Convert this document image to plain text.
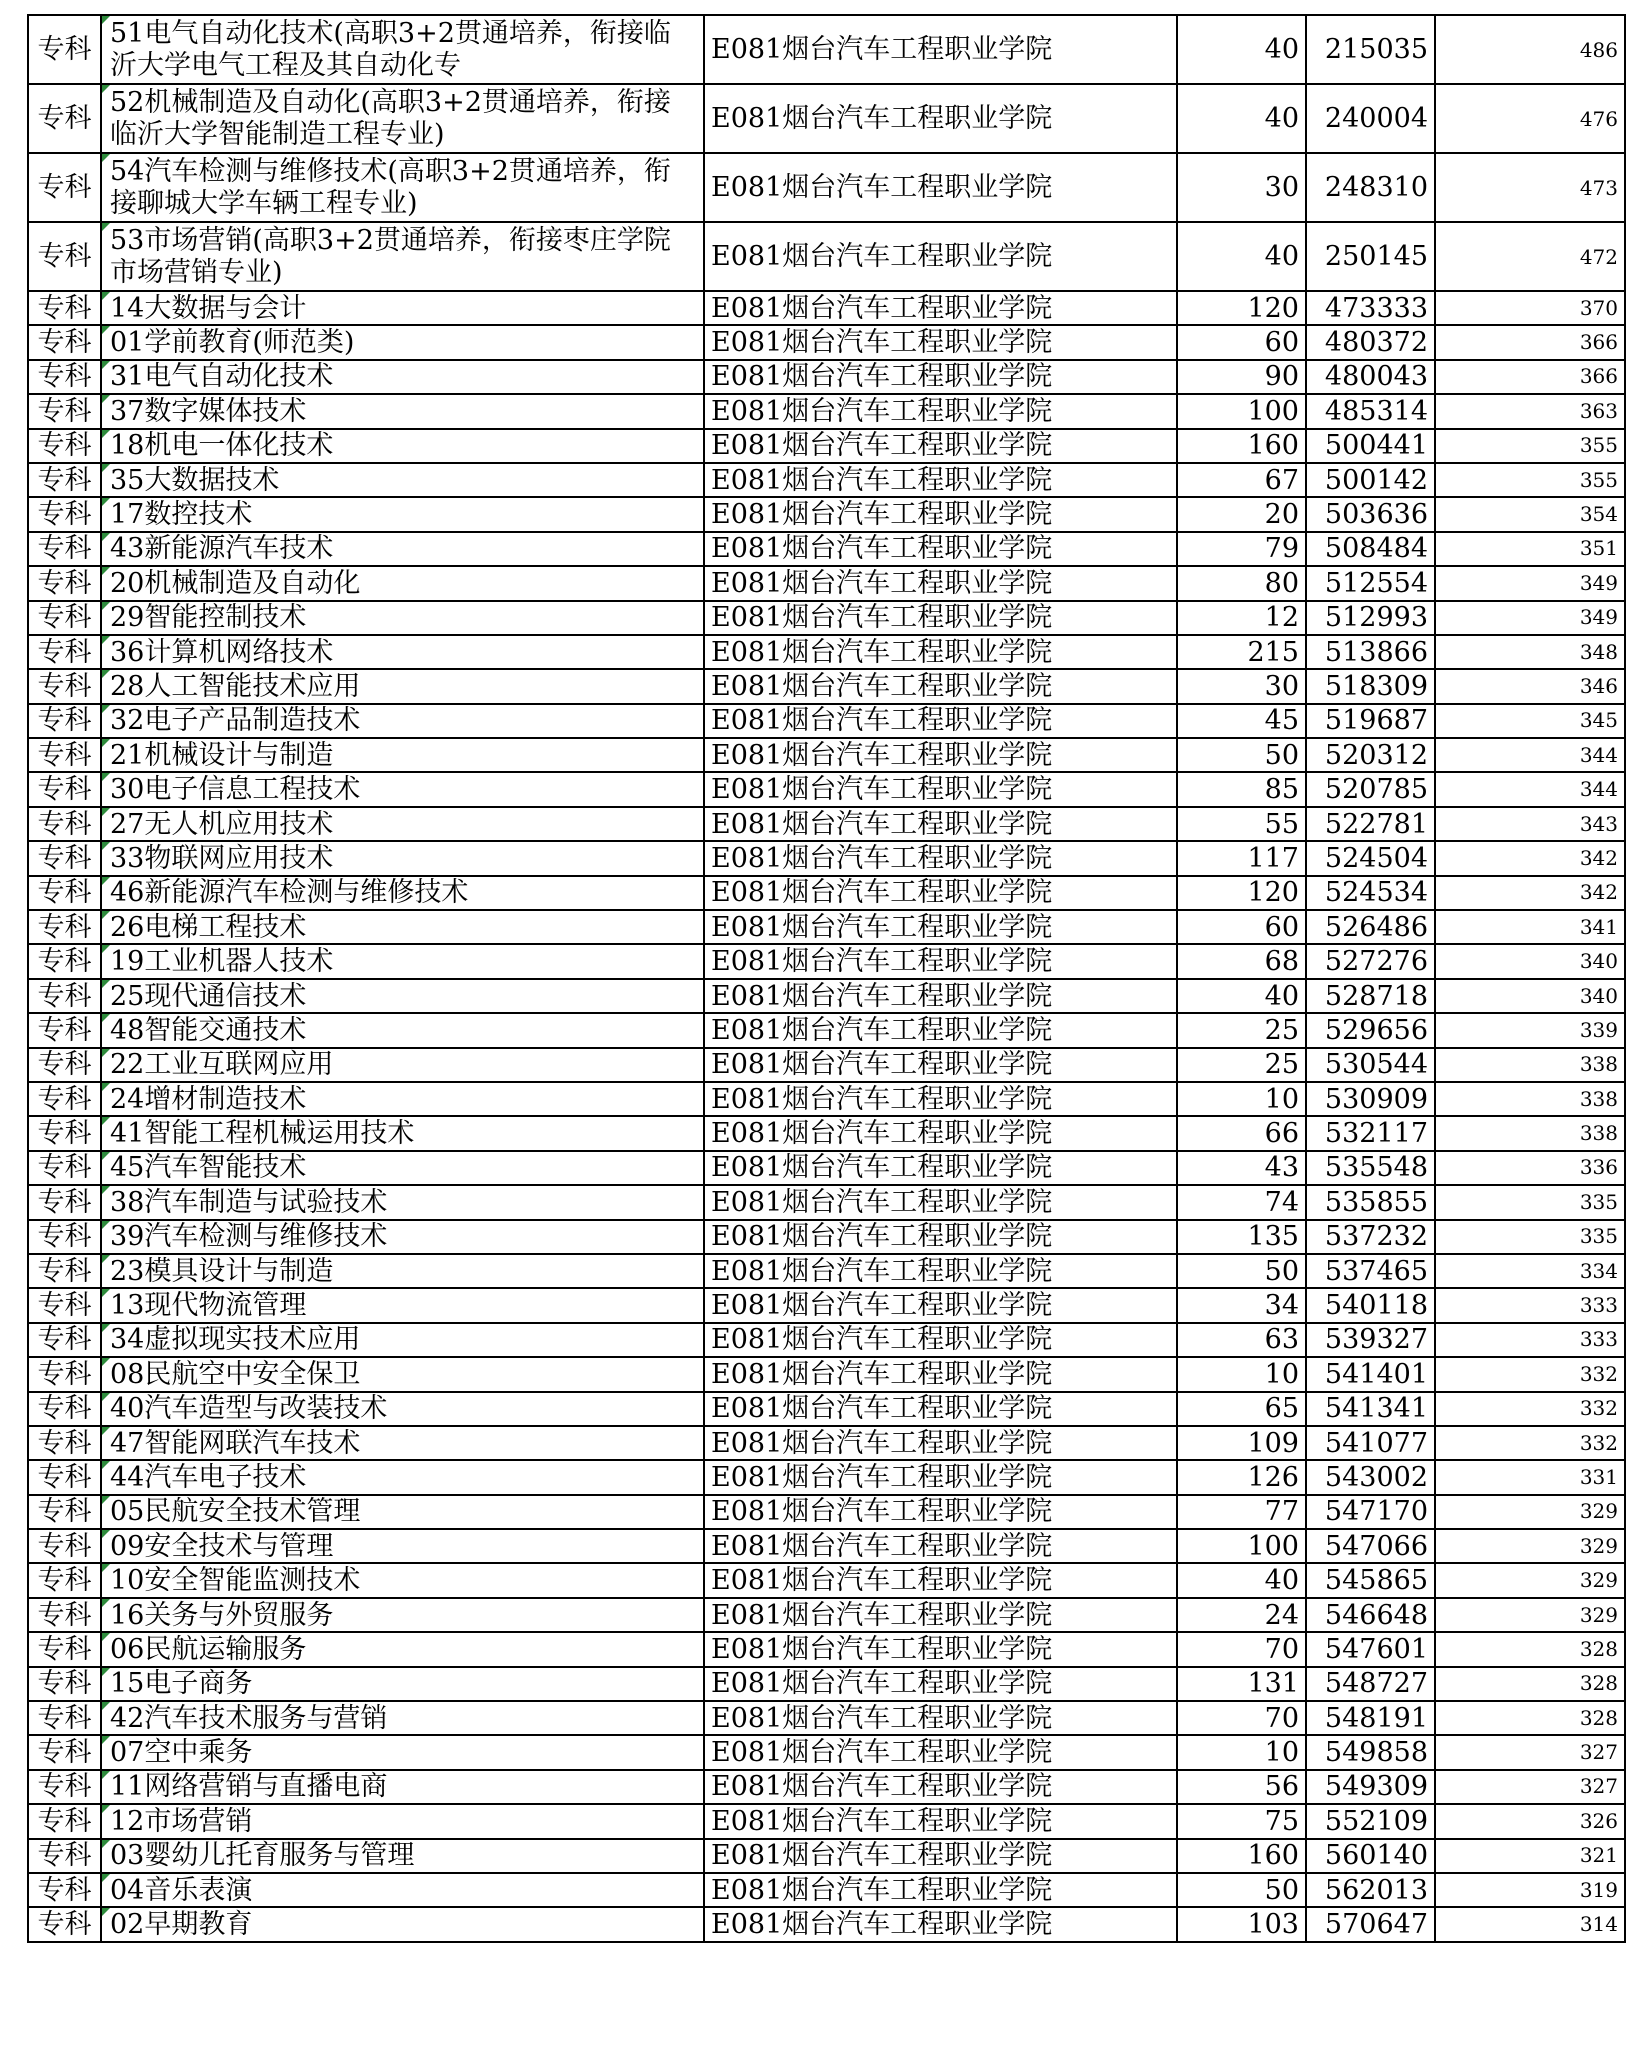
专科	51电气自动化技术(高职3+2贯通培养，衔接临沂大学电气工程及其自动化专	E081烟台汽车工程职业学院	40	215035	486
专科	52机械制造及自动化(高职3+2贯通培养，衔接临沂大学智能制造工程专业)	E081烟台汽车工程职业学院	40	240004	476
专科	54汽车检测与维修技术(高职3+2贯通培养，衔接聊城大学车辆工程专业)	E081烟台汽车工程职业学院	30	248310	473
专科	53市场营销(高职3+2贯通培养，衔接枣庄学院市场营销专业)	E081烟台汽车工程职业学院	40	250145	472
专科	14大数据与会计	E081烟台汽车工程职业学院	120	473333	370
专科	01学前教育(师范类)	E081烟台汽车工程职业学院	60	480372	366
专科	31电气自动化技术	E081烟台汽车工程职业学院	90	480043	366
专科	37数字媒体技术	E081烟台汽车工程职业学院	100	485314	363
专科	18机电一体化技术	E081烟台汽车工程职业学院	160	500441	355
专科	35大数据技术	E081烟台汽车工程职业学院	67	500142	355
专科	17数控技术	E081烟台汽车工程职业学院	20	503636	354
专科	43新能源汽车技术	E081烟台汽车工程职业学院	79	508484	351
专科	20机械制造及自动化	E081烟台汽车工程职业学院	80	512554	349
专科	29智能控制技术	E081烟台汽车工程职业学院	12	512993	349
专科	36计算机网络技术	E081烟台汽车工程职业学院	215	513866	348
专科	28人工智能技术应用	E081烟台汽车工程职业学院	30	518309	346
专科	32电子产品制造技术	E081烟台汽车工程职业学院	45	519687	345
专科	21机械设计与制造	E081烟台汽车工程职业学院	50	520312	344
专科	30电子信息工程技术	E081烟台汽车工程职业学院	85	520785	344
专科	27无人机应用技术	E081烟台汽车工程职业学院	55	522781	343
专科	33物联网应用技术	E081烟台汽车工程职业学院	117	524504	342
专科	46新能源汽车检测与维修技术	E081烟台汽车工程职业学院	120	524534	342
专科	26电梯工程技术	E081烟台汽车工程职业学院	60	526486	341
专科	19工业机器人技术	E081烟台汽车工程职业学院	68	527276	340
专科	25现代通信技术	E081烟台汽车工程职业学院	40	528718	340
专科	48智能交通技术	E081烟台汽车工程职业学院	25	529656	339
专科	22工业互联网应用	E081烟台汽车工程职业学院	25	530544	338
专科	24增材制造技术	E081烟台汽车工程职业学院	10	530909	338
专科	41智能工程机械运用技术	E081烟台汽车工程职业学院	66	532117	338
专科	45汽车智能技术	E081烟台汽车工程职业学院	43	535548	336
专科	38汽车制造与试验技术	E081烟台汽车工程职业学院	74	535855	335
专科	39汽车检测与维修技术	E081烟台汽车工程职业学院	135	537232	335
专科	23模具设计与制造	E081烟台汽车工程职业学院	50	537465	334
专科	13现代物流管理	E081烟台汽车工程职业学院	34	540118	333
专科	34虚拟现实技术应用	E081烟台汽车工程职业学院	63	539327	333
专科	08民航空中安全保卫	E081烟台汽车工程职业学院	10	541401	332
专科	40汽车造型与改装技术	E081烟台汽车工程职业学院	65	541341	332
专科	47智能网联汽车技术	E081烟台汽车工程职业学院	109	541077	332
专科	44汽车电子技术	E081烟台汽车工程职业学院	126	543002	331
专科	05民航安全技术管理	E081烟台汽车工程职业学院	77	547170	329
专科	09安全技术与管理	E081烟台汽车工程职业学院	100	547066	329
专科	10安全智能监测技术	E081烟台汽车工程职业学院	40	545865	329
专科	16关务与外贸服务	E081烟台汽车工程职业学院	24	546648	329
专科	06民航运输服务	E081烟台汽车工程职业学院	70	547601	328
专科	15电子商务	E081烟台汽车工程职业学院	131	548727	328
专科	42汽车技术服务与营销	E081烟台汽车工程职业学院	70	548191	328
专科	07空中乘务	E081烟台汽车工程职业学院	10	549858	327
专科	11网络营销与直播电商	E081烟台汽车工程职业学院	56	549309	327
专科	12市场营销	E081烟台汽车工程职业学院	75	552109	326
专科	03婴幼儿托育服务与管理	E081烟台汽车工程职业学院	160	560140	321
专科	04音乐表演	E081烟台汽车工程职业学院	50	562013	319
专科	02早期教育	E081烟台汽车工程职业学院	103	570647	314
